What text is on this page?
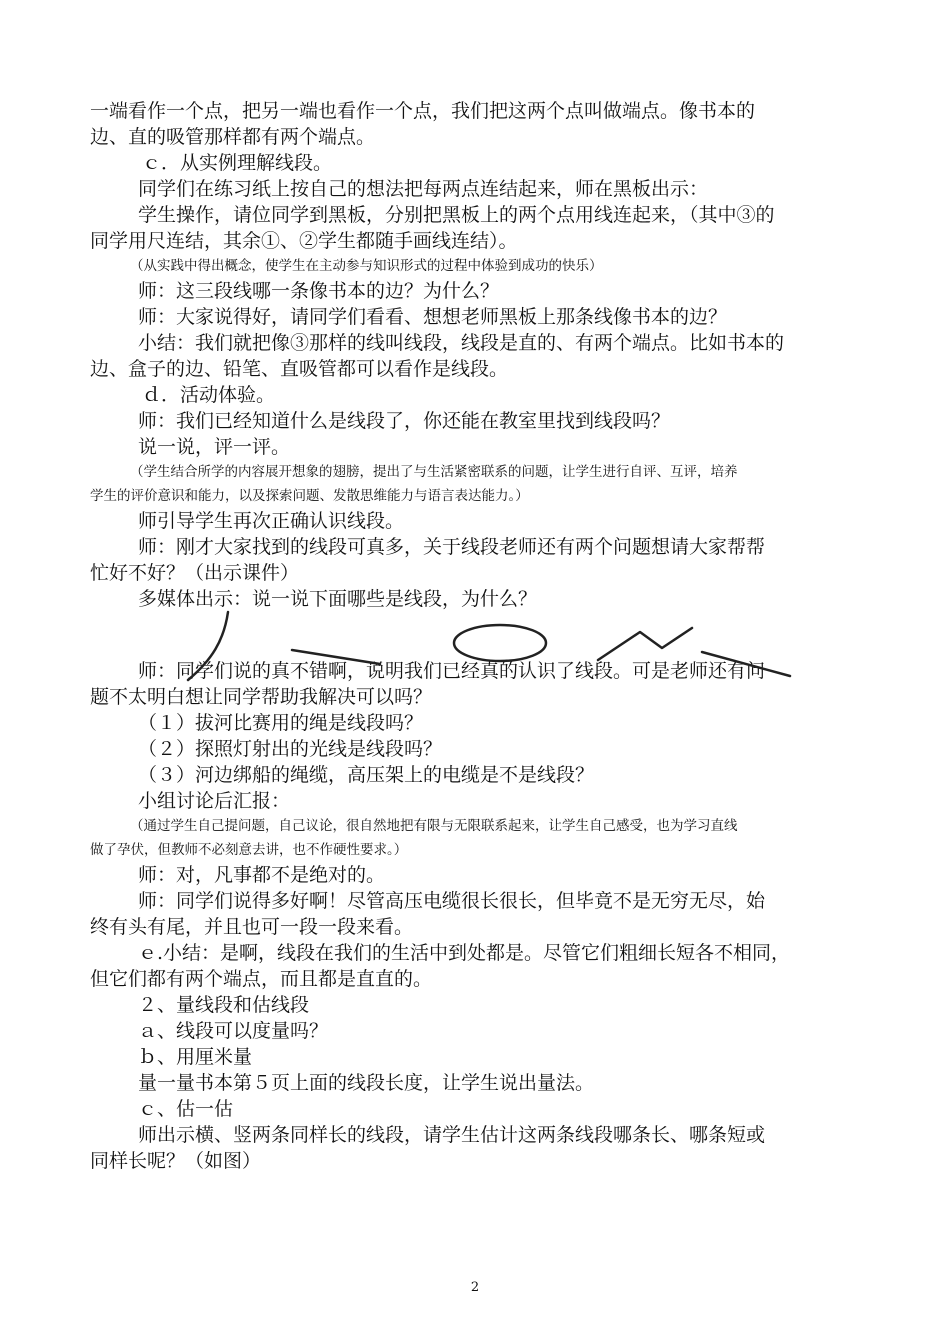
一端看作一个点，把另一端也看作一个点，我们把这两个点叫做端点。像书本的
边、直的吸管那样都有两个端点。
ｃ．从实例理解线段。
同学们在练习纸上按自己的想法把每两点连结起来，师在黑板出示：
学生操作，请位同学到黑板，分别把黑板上的两个点用线连起来，（其中③的
同学用尺连结，其余①、②学生都随手画线连结）。
（从实践中得出概念，使学生在主动参与知识形式的过程中体验到成功的快乐）
师：这三段线哪一条像书本的边？为什么？
师：大家说得好，请同学们看看、想想老师黑板上那条线像书本的边？
小结：我们就把像③那样的线叫线段，线段是直的、有两个端点。比如书本的
边、盒子的边、铅笔、直吸管都可以看作是线段。
ｄ．活动体验。
师：我们已经知道什么是线段了，你还能在教室里找到线段吗？
说一说，评一评。
（学生结合所学的内容展开想象的翅膀，提出了与生活紧密联系的问题，让学生进行自评、互评，培养
学生的评价意识和能力，以及探索问题、发散思维能力与语言表达能力。）
师引导学生再次正确认识线段。
师：刚才大家找到的线段可真多，关于线段老师还有两个问题想请大家帮帮
忙好不好？（出示课件）
多媒体出示：说一说下面哪些是线段，为什么？
师：同学们说的真不错啊，说明我们已经真的认识了线段。可是老师还有问
题不太明白想让同学帮助我解决可以吗？
（１）拔河比赛用的绳是线段吗？
（２）探照灯射出的光线是线段吗？
（３）河边绑船的绳缆，高压架上的电缆是不是线段？
小组讨论后汇报：
（通过学生自己提问题，自己议论，很自然地把有限与无限联系起来，让学生自己感受，也为学习直线
做了孕伏，但教师不必刻意去讲，也不作硬性要求。）
师：对，凡事都不是绝对的。
师：同学们说得多好啊！尽管高压电缆很长很长，但毕竟不是无穷无尽，始
终有头有尾，并且也可一段一段来看。
ｅ.小结：是啊，线段在我们的生活中到处都是。尽管它们粗细长短各不相同，
但它们都有两个端点，而且都是直直的。
２、量线段和估线段
ａ、线段可以度量吗？
ｂ、用厘米量
量一量书本第５页上面的线段长度，让学生说出量法。
ｃ、估一估
师出示横、竖两条同样长的线段，请学生估计这两条线段哪条长、哪条短或
同样长呢？（如图）
2
